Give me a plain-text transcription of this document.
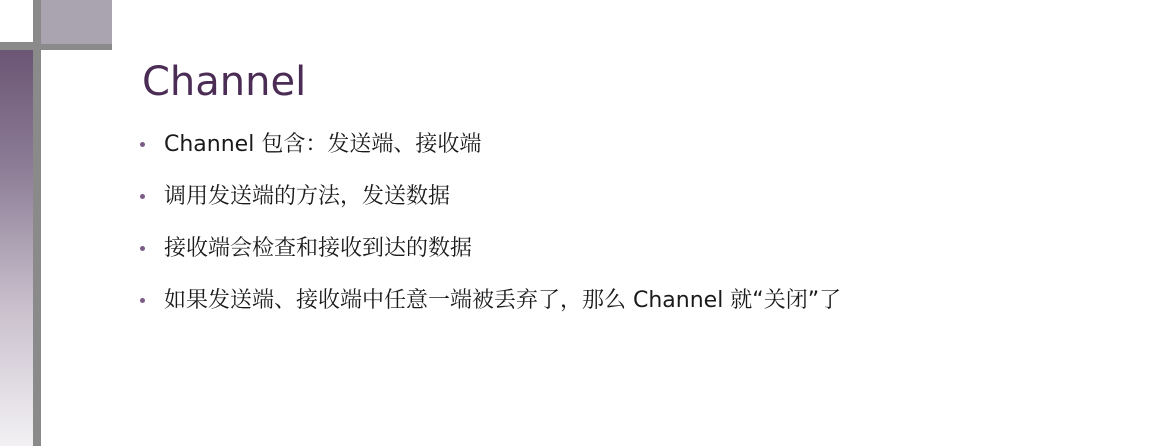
Channel
Channel 包含：发送端、接收端
调用发送端的方法，发送数据
接收端会检查和接收到达的数据
如果发送端、接收端中任意一端被丢弃了，那么 Channel 就“关闭”了
